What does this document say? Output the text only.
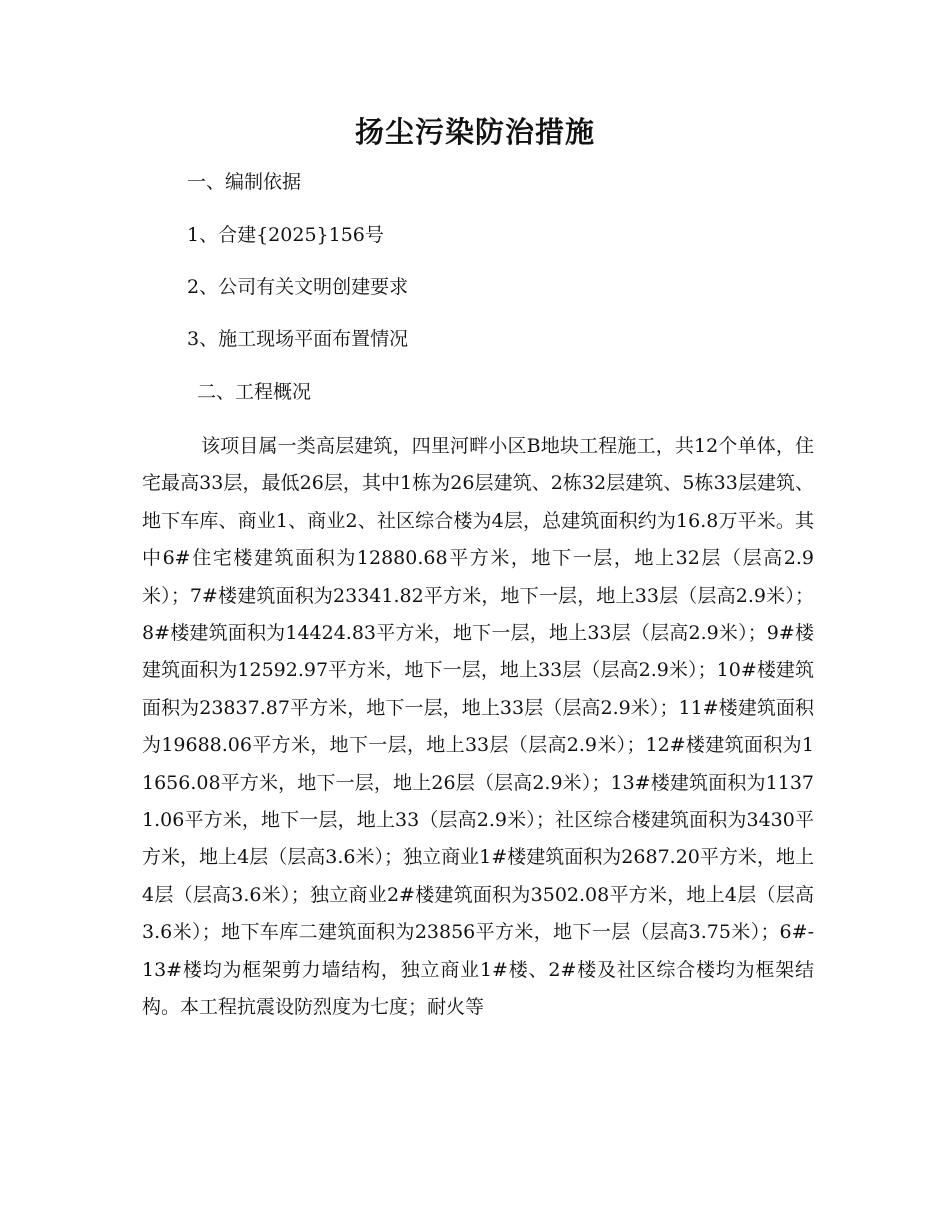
扬尘污染防治措施
一、编制依据
1、合建{2025}156号
2、公司有关文明创建要求
3、施工现场平面布置情况
二、工程概况

该项目属一类高层建筑，四里河畔小区B地块工程施工，共12个单体，住宅最高33层，最低26层，其中1栋为26层建筑、2栋32层建筑、5栋33层建筑、地下车库、商业1、商业2、社区综合楼为4层，总建筑面积约为16.8万平米。其中6#住宅楼建筑面积为12880.68平方米，地下一层，地上32层（层高2.9米）；7#楼建筑面积为23341.82平方米，地下一层，地上33层（层高2.9米）；8#楼建筑面积为14424.83平方米，地下一层，地上33层（层高2.9米）；9#楼建筑面积为12592.97平方米，地下一层，地上33层（层高2.9米）；10#楼建筑面积为23837.87平方米，地下一层，地上33层（层高2.9米）；11#楼建筑面积为19688.06平方米，地下一层，地上33层（层高2.9米）；12#楼建筑面积为11656.08平方米，地下一层，地上26层（层高2.9米）；13#楼建筑面积为11371.06平方米，地下一层，地上33（层高2.9米）；社区综合楼建筑面积为3430平方米，地上4层（层高3.6米）；独立商业1#楼建筑面积为2687.20平方米，地上4层（层高3.6米）；独立商业2#楼建筑面积为3502.08平方米，地上4层（层高3.6米）；地下车库二建筑面积为23856平方米，地下一层（层高3.75米）；6#-13#楼均为框架剪力墙结构，独立商业1#楼、2#楼及社区综合楼均为框架结构。本工程抗震设防烈度为七度；耐火等
